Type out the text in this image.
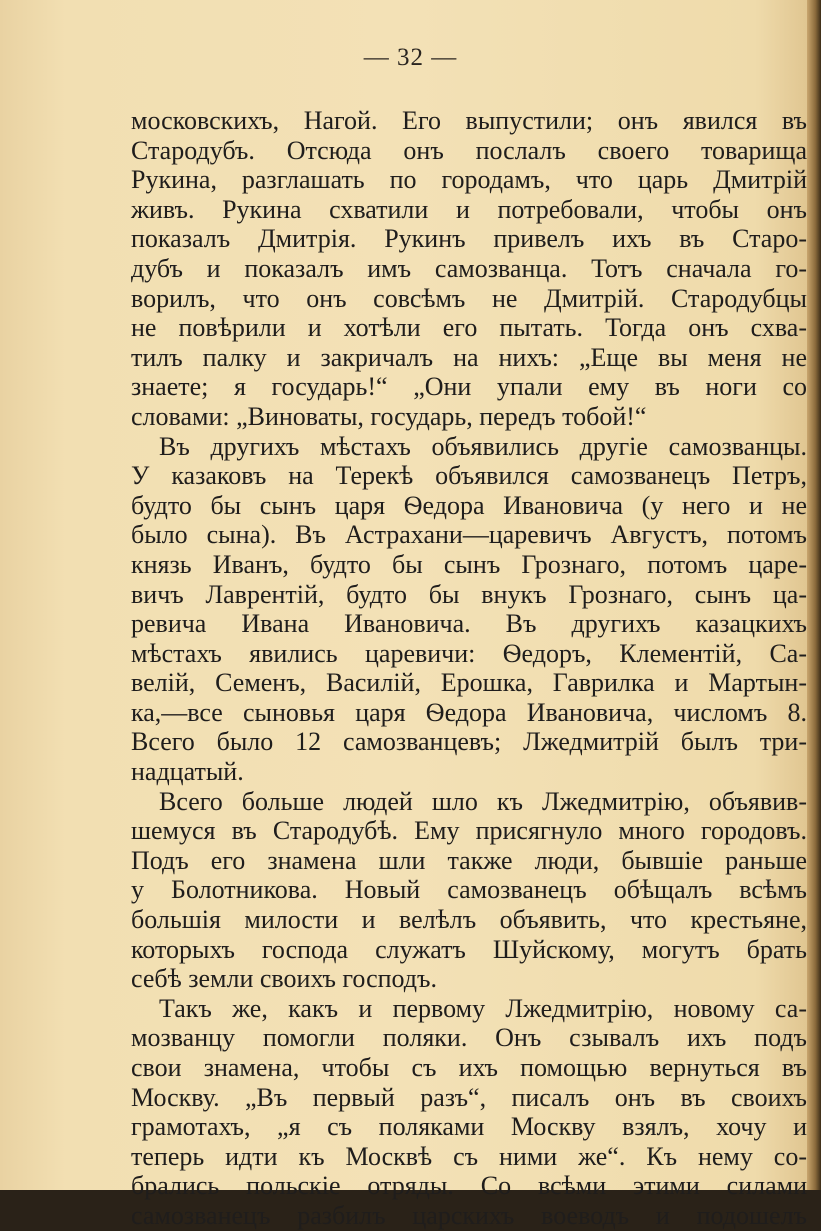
— 32 —

московскихъ, Нагой. Его выпустили; онъ явился въ
Стародубъ. Отсюда онъ послалъ своего товарища
Рукина, разглашать по городамъ, что царь Дмитрій
живъ. Рукина схватили и потребовали, чтобы онъ
показалъ Дмитрія. Рукинъ привелъ ихъ въ Старо-
дубъ и показалъ имъ самозванца. Тотъ сначала го-
ворилъ, что онъ совсѣмъ не Дмитрій. Стародубцы
не повѣрили и хотѣли его пытать. Тогда онъ схва-
тилъ палку и закричалъ на нихъ: „Еще вы меня не
знаете; я государь!“ „Они упали ему въ ноги со
словами: „Виноваты, государь, передъ тобой!“

Въ другихъ мѣстахъ объявились другіе самозванцы.
У казаковъ на Терекѣ объявился самозванецъ Петръ,
будто бы сынъ царя Ѳедора Ивановича (у него и не
было сына). Въ Астрахани—царевичъ Августъ, потомъ
князь Иванъ, будто бы сынъ Грознаго, потомъ царе-
вичъ Лаврентій, будто бы внукъ Грознаго, сынъ ца-
ревича Ивана Ивановича. Въ другихъ казацкихъ
мѣстахъ явились царевичи: Ѳедоръ, Клементій, Са-
велій, Семенъ, Василій, Ерошка, Гаврилка и Мартын-
ка,—все сыновья царя Ѳедора Ивановича, числомъ 8.
Всего было 12 самозванцевъ; Лжедмитрій былъ три-
надцатый.

Всего больше людей шло къ Лжедмитрію, объявив-
шемуся въ Стародубѣ. Ему присягнуло много городовъ.
Подъ его знамена шли также люди, бывшіе раньше
у Болотникова. Новый самозванецъ обѣщалъ всѣмъ
большія милости и велѣлъ объявить, что крестьяне,
которыхъ господа служатъ Шуйскому, могутъ брать
себѣ земли своихъ господъ.

Такъ же, какъ и первому Лжедмитрію, новому са-
мозванцу помогли поляки. Онъ сзывалъ ихъ подъ
свои знамена, чтобы съ ихъ помощью вернуться въ
Москву. „Въ первый разъ“, писалъ онъ въ своихъ
грамотахъ, „я съ поляками Москву взялъ, хочу и
теперь идти къ Москвѣ съ ними же“. Къ нему со-
брались польскіе отряды. Со всѣми этими силами
самозванецъ разбилъ царскихъ воеводъ и подошелъ
